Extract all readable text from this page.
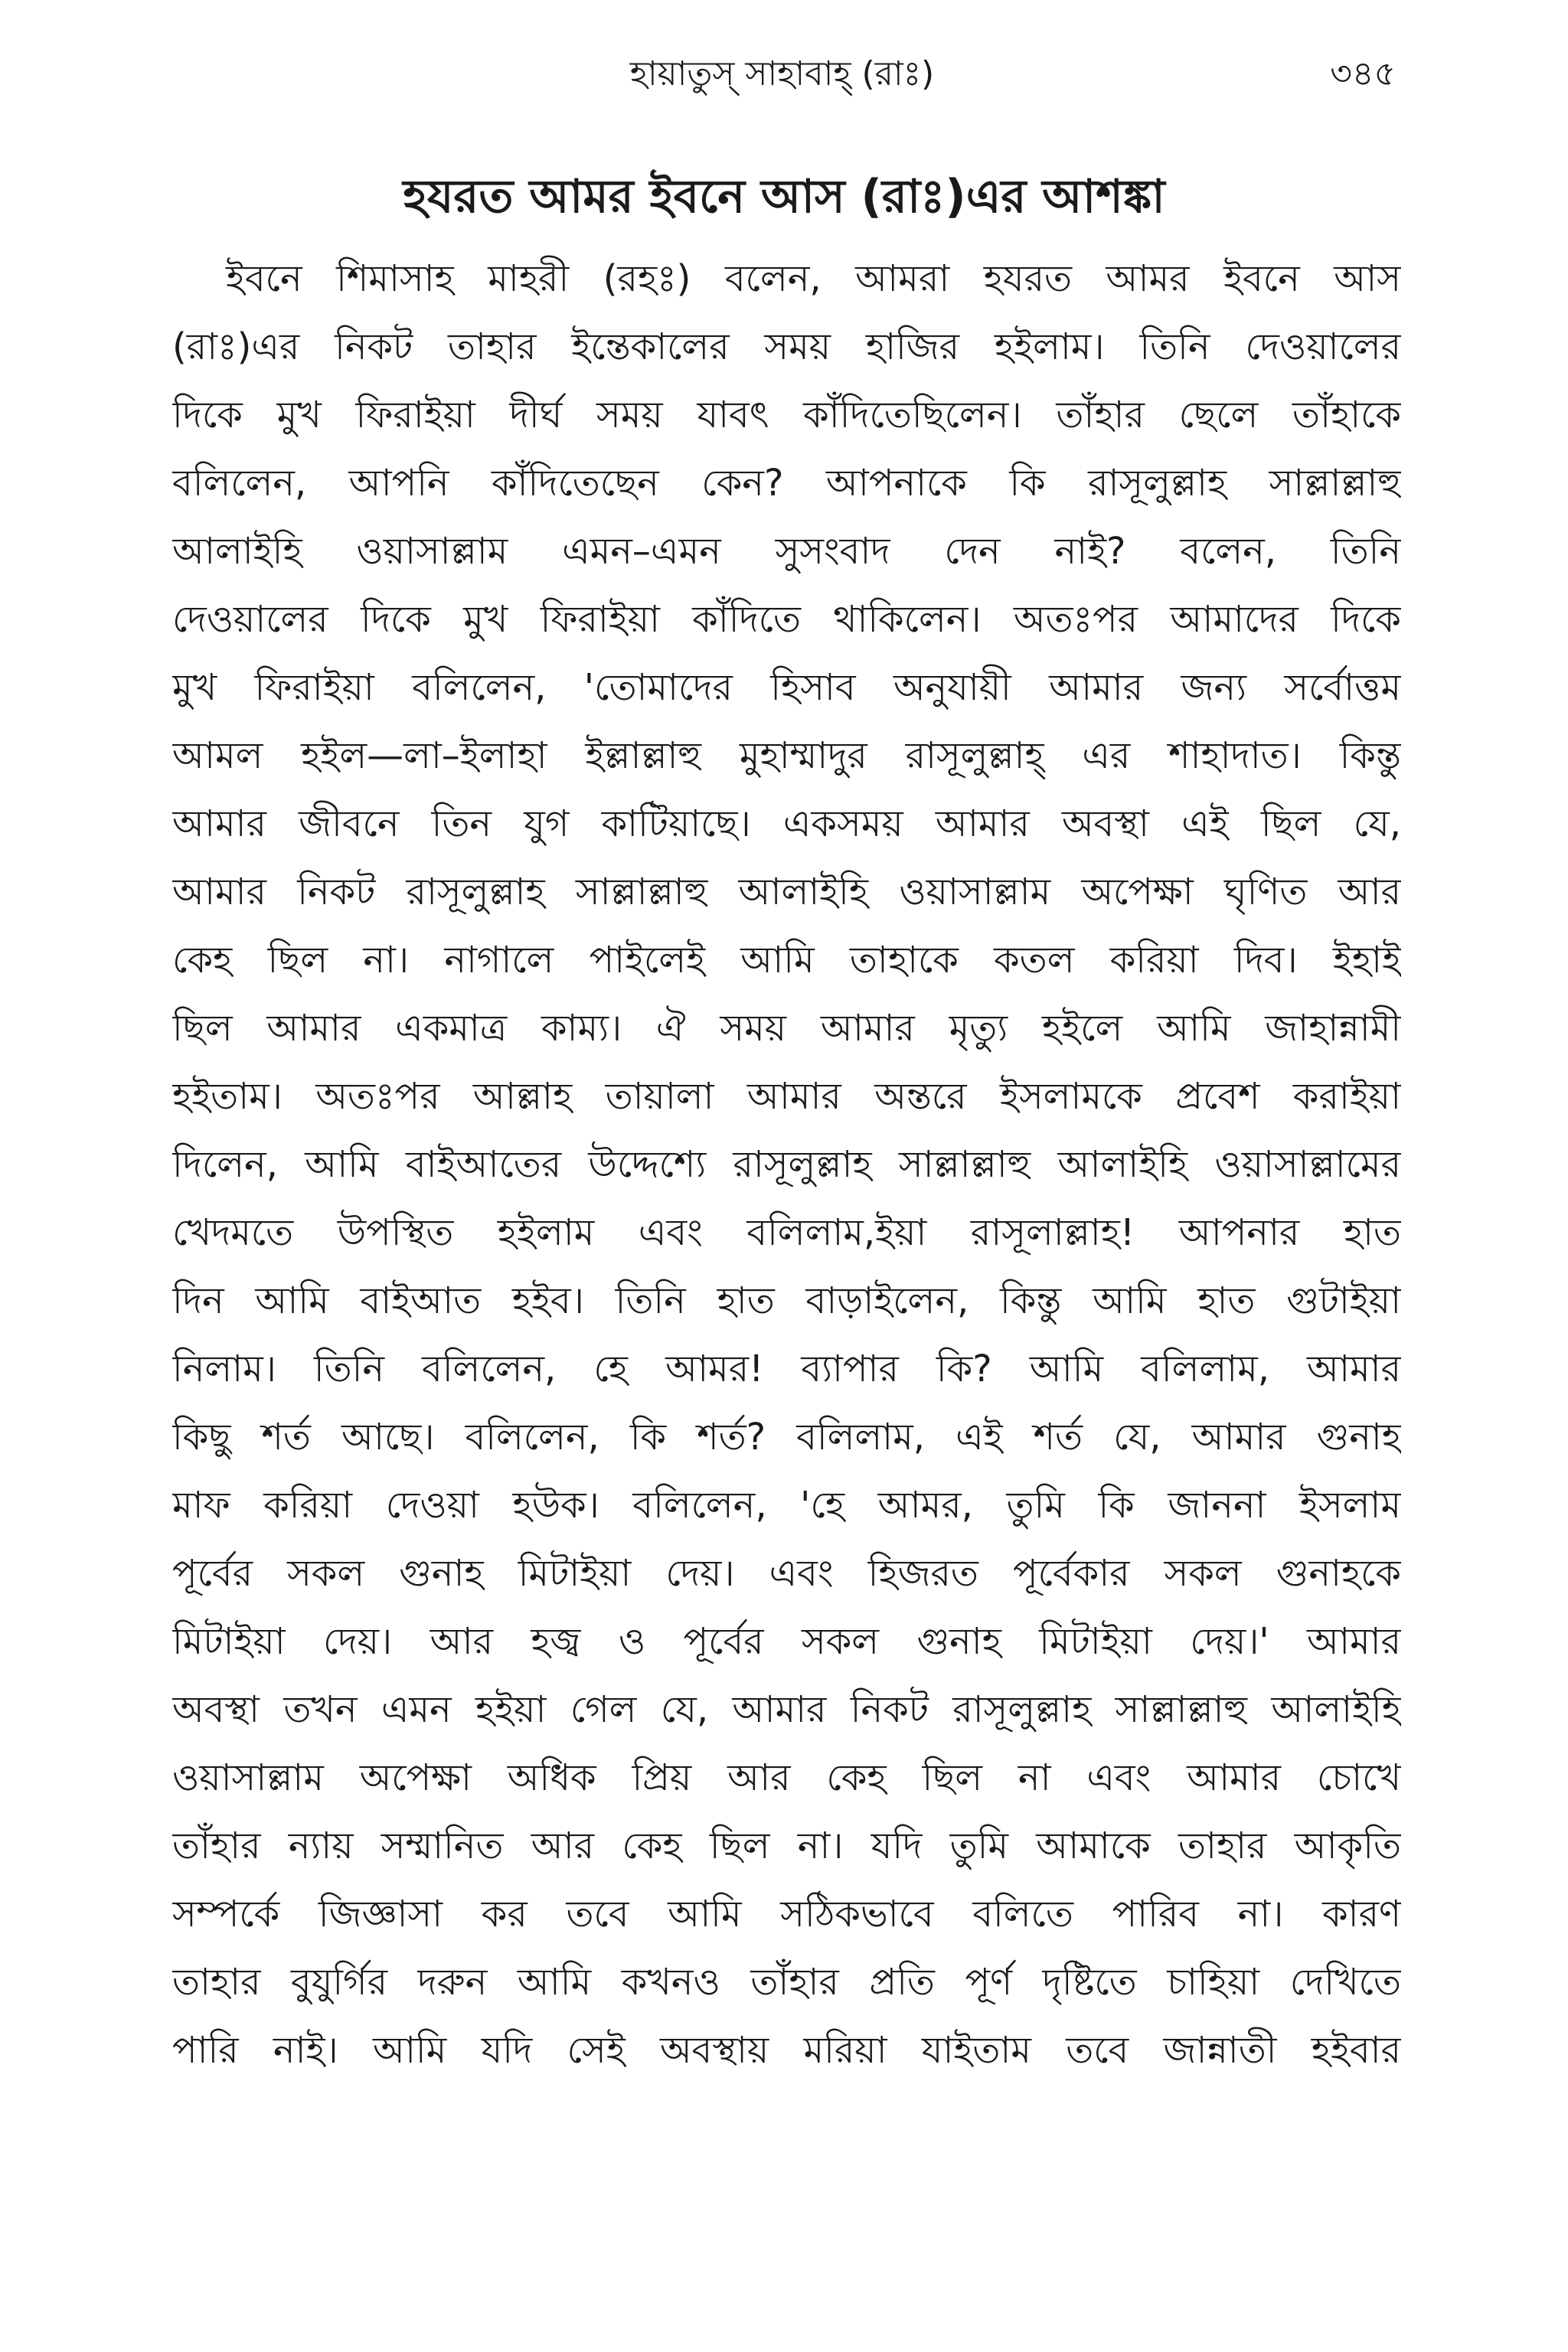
হায়াতুস্ সাহাবাহ্ (রাঃ)	৩৪৫
হযরত আমর ইবনে আস (রাঃ)এর আশঙ্কা
ইবনে শিমাসাহ মাহরী (রহঃ) বলেন, আমরা হযরত আমর ইবনে আস
(রাঃ)এর নিকট তাহার ইন্তেকালের সময় হাজির হইলাম। তিনি দেওয়ালের
দিকে মুখ ফিরাইয়া দীর্ঘ সময় যাবৎ কাঁদিতেছিলেন। তাঁহার ছেলে তাঁহাকে
বলিলেন, আপনি কাঁদিতেছেন কেন? আপনাকে কি রাসূলুল্লাহ সাল্লাল্লাহু
আলাইহি ওয়াসাল্লাম এমন–এমন সুসংবাদ দেন নাই? বলেন, তিনি
দেওয়ালের দিকে মুখ ফিরাইয়া কাঁদিতে থাকিলেন। অতঃপর আমাদের দিকে
মুখ ফিরাইয়া বলিলেন, 'তোমাদের হিসাব অনুযায়ী আমার জন্য সর্বোত্তম
আমল হইল—লা–ইলাহা ইল্লাল্লাহু মুহাম্মাদুর রাসূলুল্লাহ্ এর শাহাদাত। কিন্তু
আমার জীবনে তিন যুগ কাটিয়াছে। একসময় আমার অবস্থা এই ছিল যে,
আমার নিকট রাসূলুল্লাহ সাল্লাল্লাহু আলাইহি ওয়াসাল্লাম অপেক্ষা ঘৃণিত আর
কেহ ছিল না। নাগালে পাইলেই আমি তাহাকে কতল করিয়া দিব। ইহাই
ছিল আমার একমাত্র কাম্য। ঐ সময় আমার মৃত্যু হইলে আমি জাহান্নামী
হইতাম। অতঃপর আল্লাহ তায়ালা আমার অন্তরে ইসলামকে প্রবেশ করাইয়া
দিলেন, আমি বাইআতের উদ্দেশ্যে রাসূলুল্লাহ সাল্লাল্লাহু আলাইহি ওয়াসাল্লামের
খেদমতে উপস্থিত হইলাম এবং বলিলাম,ইয়া রাসূলাল্লাহ! আপনার হাত
দিন আমি বাইআত হইব। তিনি হাত বাড়াইলেন, কিন্তু আমি হাত গুটাইয়া
নিলাম। তিনি বলিলেন, হে আমর! ব্যাপার কি? আমি বলিলাম, আমার
কিছু শর্ত আছে। বলিলেন, কি শর্ত? বলিলাম, এই শর্ত যে, আমার গুনাহ
মাফ করিয়া দেওয়া হউক। বলিলেন, 'হে আমর, তুমি কি জাননা ইসলাম
পূর্বের সকল গুনাহ মিটাইয়া দেয়। এবং হিজরত পূর্বেকার সকল গুনাহকে
মিটাইয়া দেয়। আর হজ্ব ও পূর্বের সকল গুনাহ মিটাইয়া দেয়।' আমার
অবস্থা তখন এমন হইয়া গেল যে, আমার নিকট রাসূলুল্লাহ সাল্লাল্লাহু আলাইহি
ওয়াসাল্লাম অপেক্ষা অধিক প্রিয় আর কেহ ছিল না এবং আমার চোখে
তাঁহার ন্যায় সম্মানিত আর কেহ ছিল না। যদি তুমি আমাকে তাহার আকৃতি
সম্পর্কে জিজ্ঞাসা কর তবে আমি সঠিকভাবে বলিতে পারিব না। কারণ
তাহার বুযুর্গির দরুন আমি কখনও তাঁহার প্রতি পূর্ণ দৃষ্টিতে চাহিয়া দেখিতে
পারি নাই। আমি যদি সেই অবস্থায় মরিয়া যাইতাম তবে জান্নাতী হইবার
